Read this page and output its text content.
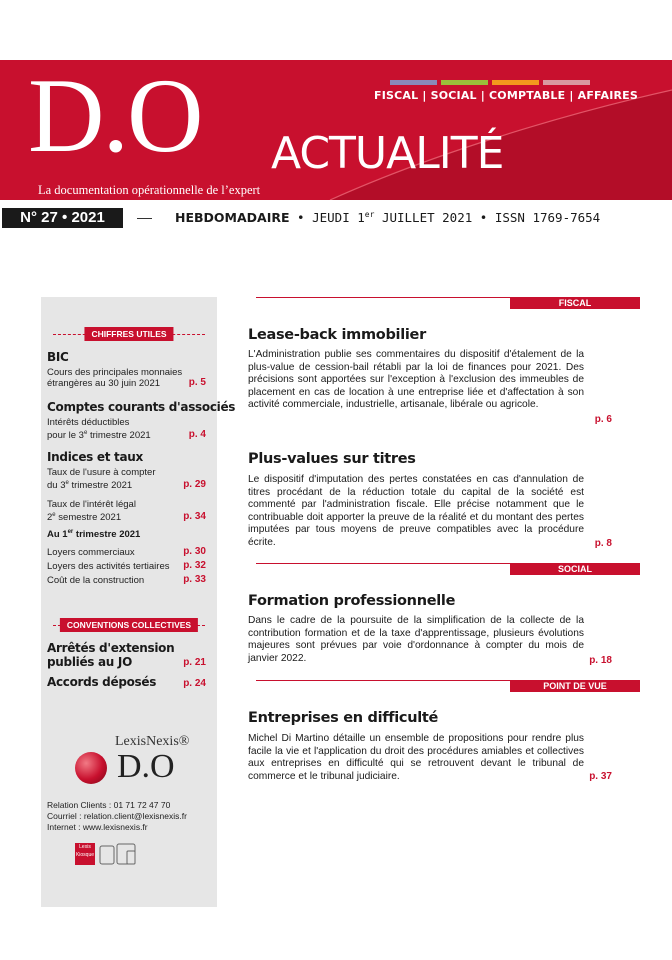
FISCAL | SOCIAL | COMPTABLE | AFFAIRES
D.O ACTUALITÉ
La documentation opérationnelle de l’expert
N° 27 • 2021	HEBDOMADAIRE • JEUDI 1er JUILLET 2021 • ISSN 1769-7654
CHIFFRES UTILES
BIC
Cours des principales monnaies
étrangères au 30 juin 2021	p. 5
Comptes courants d'associés
Intérêts déductibles
pour le 3e trimestre 2021	p. 4
Indices et taux
Taux de l'usure à compter
du 3e trimestre 2021	p. 29
Taux de l'intérêt légal
2e semestre 2021	p. 34
Au 1er trimestre 2021
Loyers commerciaux	p. 30
Loyers des activités tertiaires p. 32
Coût de la construction	p. 33
CONVENTIONS COLLECTIVES
Arrêtés d'extension
publiés au JO	p. 21
Accords déposés	p. 24
LexisNexis®
D.O
Relation Clients : 01 71 72 47 70
Courriel : relation.client@lexisnexis.fr
Internet : www.lexisnexis.fr
Lexis Kiosque
FISCAL
Lease-back immobilier
L'Administration publie ses commentaires du dispositif d'étalement de la plus-value de cession-bail rétabli par la loi de finances pour 2021. Des précisions sont apportées sur l'exception à l'exclusion des immeubles de placement en cas de location à une entreprise liée et d'affectation à son activité commerciale, industrielle, artisanale, libérale ou agricole.
p. 6
Plus-values sur titres
Le dispositif d'imputation des pertes constatées en cas d'annulation de titres procédant de la réduction totale du capital de la société est commenté par l'administration fiscale. Elle précise notamment que le contribuable doit apporter la preuve de la réalité et du montant des pertes imputées par tous moyens de preuve compatibles avec la procédure écrite.	p. 8
SOCIAL
Formation professionnelle
Dans le cadre de la poursuite de la simplification de la collecte de la contribution formation et de la taxe d'apprentissage, plusieurs évolutions majeures sont prévues par voie d'ordonnance à compter du mois de janvier 2022.	p. 18
POINT DE VUE
Entreprises en difficulté
Michel Di Martino détaille un ensemble de propositions pour rendre plus facile la vie et l'application du droit des procédures amiables et collectives aux entreprises en difficulté qui se retrouvent devant le tribunal de commerce et le tribunal judiciaire.	p. 37
